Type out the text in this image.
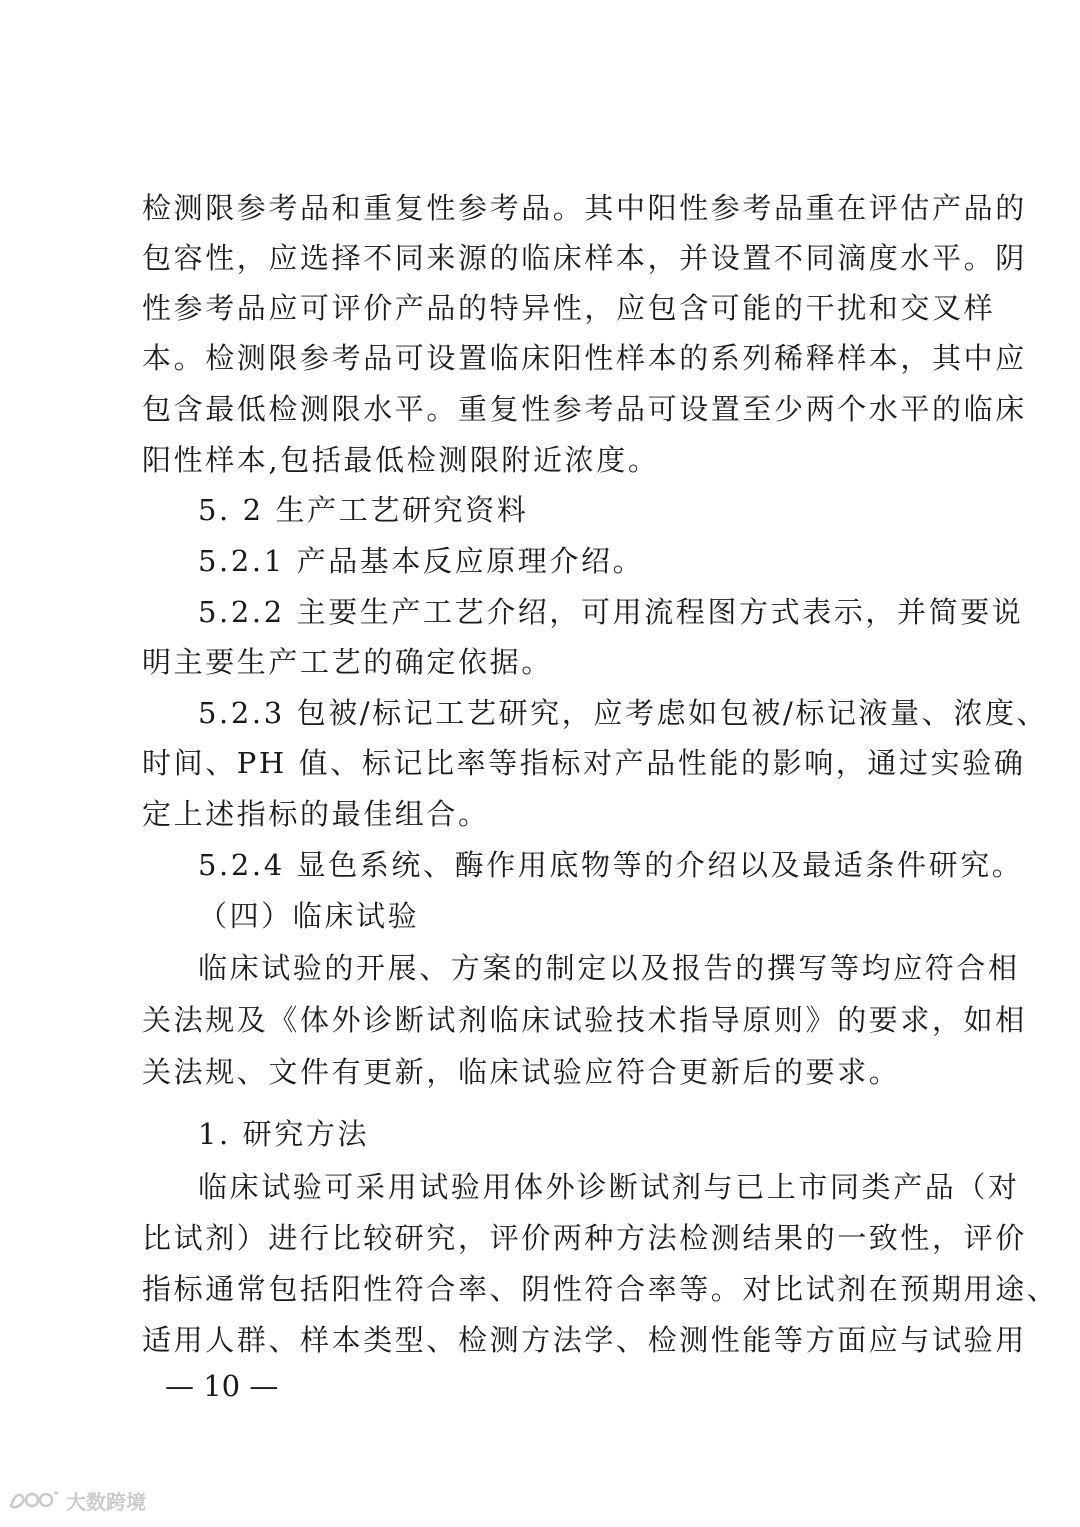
检测限参考品和重复性参考品。其中阳性参考品重在评估产品的
包容性，应选择不同来源的临床样本，并设置不同滴度水平。阴
性参考品应可评价产品的特异性，应包含可能的干扰和交叉样
本。检测限参考品可设置临床阳性样本的系列稀释样本，其中应
包含最低检测限水平。重复性参考品可设置至少两个水平的临床
阳性样本,包括最低检测限附近浓度。
5. 2 生产工艺研究资料
5.2.1 产品基本反应原理介绍。
5.2.2 主要生产工艺介绍，可用流程图方式表示，并简要说
明主要生产工艺的确定依据。
5.2.3 包被/标记工艺研究，应考虑如包被/标记液量、浓度、
时间、PH 值、标记比率等指标对产品性能的影响，通过实验确
定上述指标的最佳组合。
5.2.4 显色系统、酶作用底物等的介绍以及最适条件研究。
（四）临床试验
临床试验的开展、方案的制定以及报告的撰写等均应符合相
关法规及《体外诊断试剂临床试验技术指导原则》的要求，如相
关法规、文件有更新，临床试验应符合更新后的要求。
1. 研究方法
临床试验可采用试验用体外诊断试剂与已上市同类产品（对
比试剂）进行比较研究，评价两种方法检测结果的一致性，评价
指标通常包括阳性符合率、阴性符合率等。对比试剂在预期用途、
适用人群、样本类型、检测方法学、检测性能等方面应与试验用
— 10 —
大数跨境
